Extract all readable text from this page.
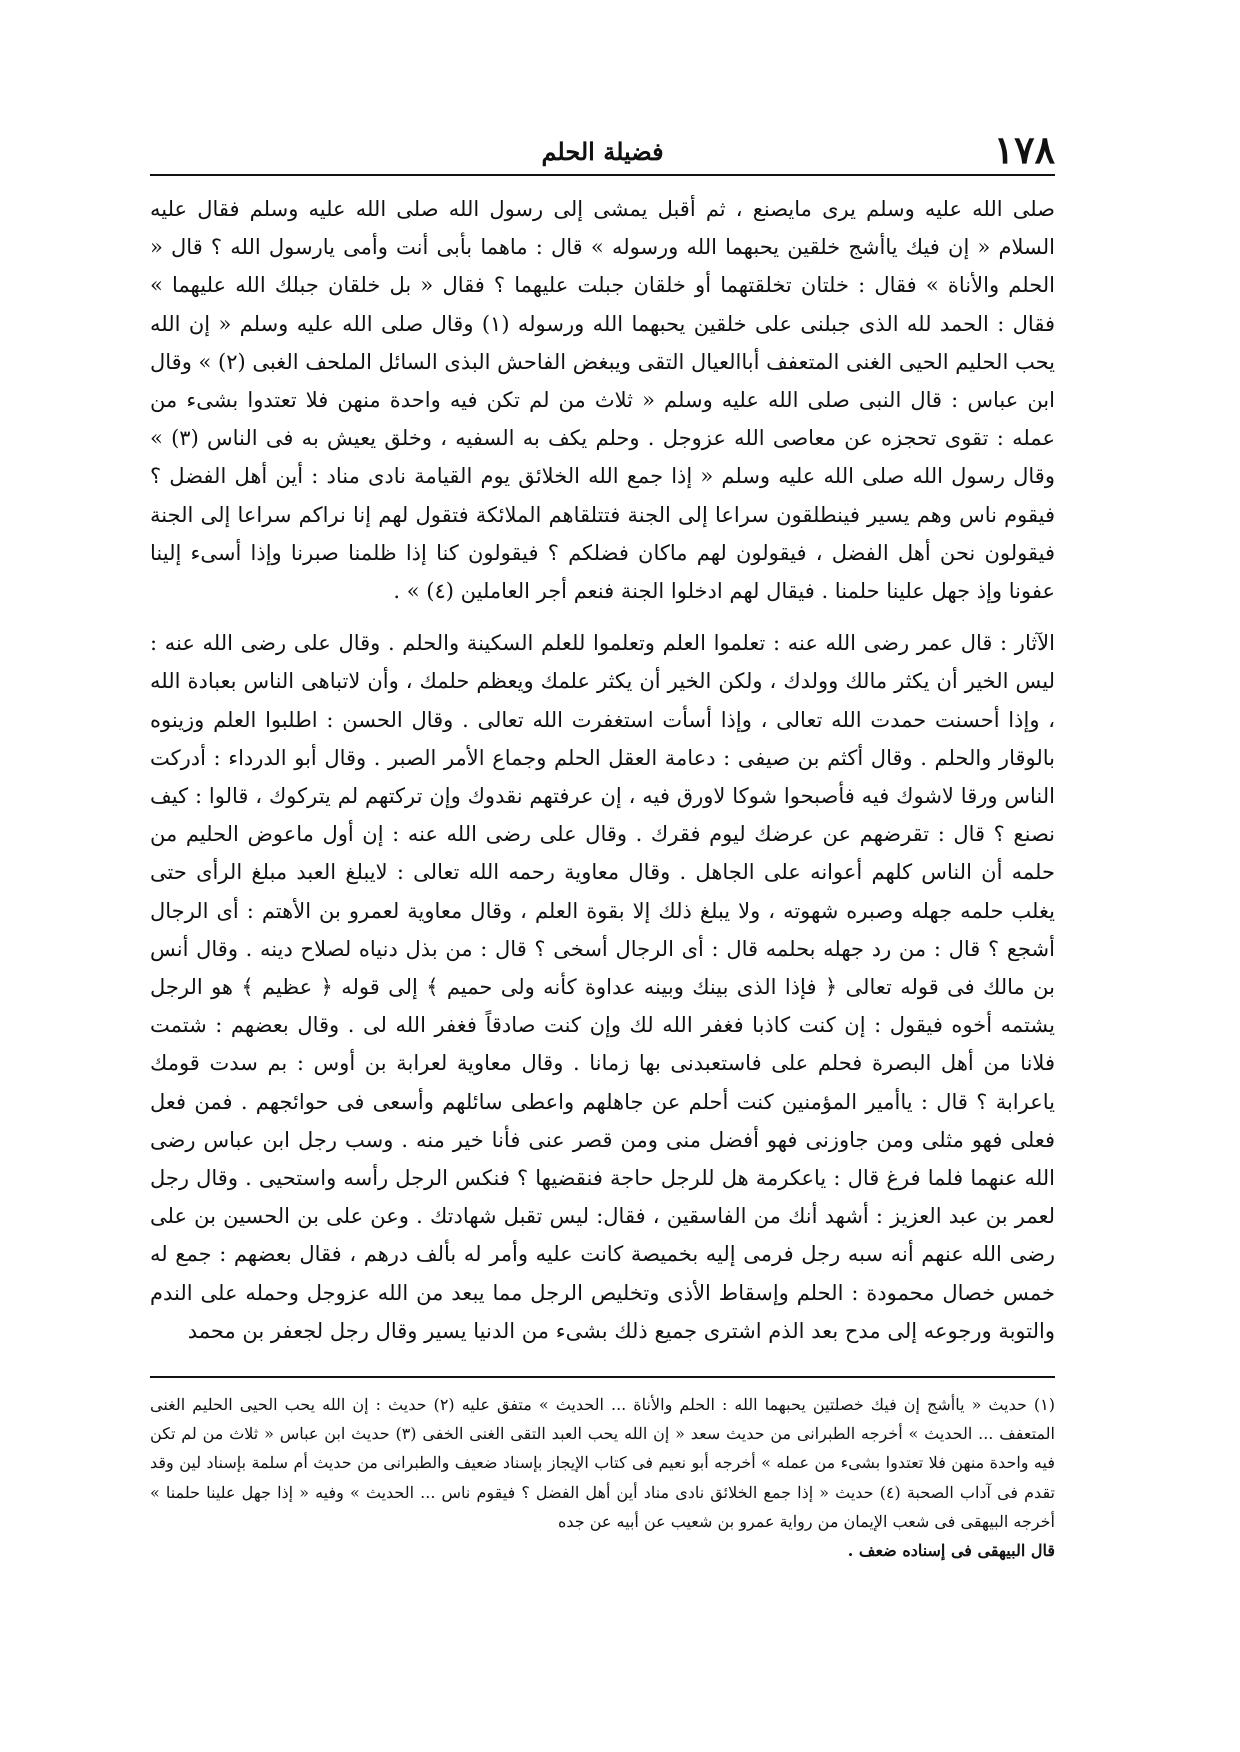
١٧٨
فضيلة الحلم

صلى الله عليه وسلم يرى مايصنع ، ثم أقبل يمشى إلى رسول الله صلى الله عليه وسلم فقال عليه السلام « إن فيك ياأشج خلقين يحبهما الله ورسوله » قال : ماهما بأبى أنت وأمى يارسول الله ؟ قال « الحلم والأناة » فقال : خلتان تخلقتهما أو خلقان جبلت عليهما ؟ فقال « بل خلقان جبلك الله عليهما » فقال : الحمد لله الذى جبلنى على خلقين يحبهما الله ورسوله (١) وقال صلى الله عليه وسلم « إن الله يحب الحليم الحيى الغنى المتعفف أباالعيال التقى ويبغض الفاحش البذى السائل الملحف الغبى (٢) » وقال ابن عباس : قال النبى صلى الله عليه وسلم « ثلاث من لم تكن فيه واحدة منهن فلا تعتدوا بشىء من عمله : تقوى تحجزه عن معاصى الله عزوجل . وحلم يكف به السفيه ، وخلق يعيش به فى الناس (٣) » وقال رسول الله صلى الله عليه وسلم « إذا جمع الله الخلائق يوم القيامة نادى مناد : أين أهل الفضل ؟ فيقوم ناس وهم يسير فينطلقون سراعا إلى الجنة فتتلقاهم الملائكة فتقول لهم إنا نراكم سراعا إلى الجنة فيقولون نحن أهل الفضل ، فيقولون لهم ماكان فضلكم ؟ فيقولون كنا إذا ظلمنا صبرنا وإذا أسىء إلينا عفونا وإذ جهل علينا حلمنا . فيقال لهم ادخلوا الجنة فنعم أجر العاملين (٤) » .

الآثار : قال عمر رضى الله عنه : تعلموا العلم وتعلموا للعلم السكينة والحلم . وقال على رضى الله عنه : ليس الخير أن يكثر مالك وولدك ، ولكن الخير أن يكثر علمك ويعظم حلمك ، وأن لاتباهى الناس بعبادة الله ، وإذا أحسنت حمدت الله تعالى ، وإذا أسأت استغفرت الله تعالى . وقال الحسن : اطلبوا العلم وزينوه بالوقار والحلم . وقال أكثم بن صيفى : دعامة العقل الحلم وجماع الأمر الصبر . وقال أبو الدرداء : أدركت الناس ورقا لاشوك فيه فأصبحوا شوكا لاورق فيه ، إن عرفتهم نقدوك وإن تركتهم لم يتركوك ، قالوا : كيف نصنع ؟ قال : تقرضهم عن عرضك ليوم فقرك . وقال على رضى الله عنه : إن أول ماعوض الحليم من حلمه أن الناس كلهم أعوانه على الجاهل . وقال معاوية رحمه الله تعالى : لايبلغ العبد مبلغ الرأى حتى يغلب حلمه جهله وصبره شهوته ، ولا يبلغ ذلك إلا بقوة العلم ، وقال معاوية لعمرو بن الأهتم : أى الرجال أشجع ؟ قال : من رد جهله بحلمه قال : أى الرجال أسخى ؟ قال : من بذل دنياه لصلاح دينه . وقال أنس بن مالك فى قوله تعالى ﴿ فإذا الذى بينك وبينه عداوة كأنه ولى حميم ﴾ إلى قوله ﴿ عظيم ﴾ هو الرجل يشتمه أخوه فيقول : إن كنت كاذبا فغفر الله لك وإن كنت صادقاً فغفر الله لى . وقال بعضهم : شتمت فلانا من أهل البصرة فحلم على فاستعبدنى بها زمانا . وقال معاوية لعرابة بن أوس : بم سدت قومك ياعرابة ؟ قال : ياأمير المؤمنين كنت أحلم عن جاهلهم واعطى سائلهم وأسعى فى حوائجهم . فمن فعل فعلى فهو مثلى ومن جاوزنى فهو أفضل منى ومن قصر عنى فأنا خير منه . وسب رجل ابن عباس رضى الله عنهما فلما فرغ قال : ياعكرمة هل للرجل حاجة فنقضيها ؟ فنكس الرجل رأسه واستحيى . وقال رجل لعمر بن عبد العزيز : أشهد أنك من الفاسقين ، فقال: ليس تقبل شهادتك . وعن على بن الحسين بن على رضى الله عنهم أنه سبه رجل فرمى إليه بخميصة كانت عليه وأمر له بألف درهم ، فقال بعضهم : جمع له خمس خصال محمودة : الحلم وإسقاط الأذى وتخليص الرجل مما يبعد من الله عزوجل وحمله على الندم والتوبة ورجوعه إلى مدح بعد الذم اشترى جميع ذلك بشىء من الدنيا يسير وقال رجل لجعفر بن محمد

(١) حديث « ياأشج إن فيك خصلتين يحبهما الله : الحلم والأناة ... الحديث » متفق عليه (٢) حديث : إن الله يحب الحيى الحليم الغنى المتعفف ... الحديث » أخرجه الطبرانى من حديث سعد « إن الله يحب العبد التقى الغنى الخفى (٣) حديث ابن عباس « ثلاث من لم تكن فيه واحدة منهن فلا تعتدوا بشىء من عمله » أخرجه أبو نعيم فى كتاب الإيجاز بإسناد ضعيف والطبرانى من حديث أم سلمة بإسناد لين وقد تقدم فى آداب الصحبة (٤) حديث « إذا جمع الخلائق نادى مناد أين أهل الفضل ؟ فيقوم ناس ... الحديث » وفيه « إذا جهل علينا حلمنا » أخرجه البيهقى فى شعب الإيمان من رواية عمرو بن شعيب عن أبيه عن جده

قال البيهقى فى إسناده ضعف .
